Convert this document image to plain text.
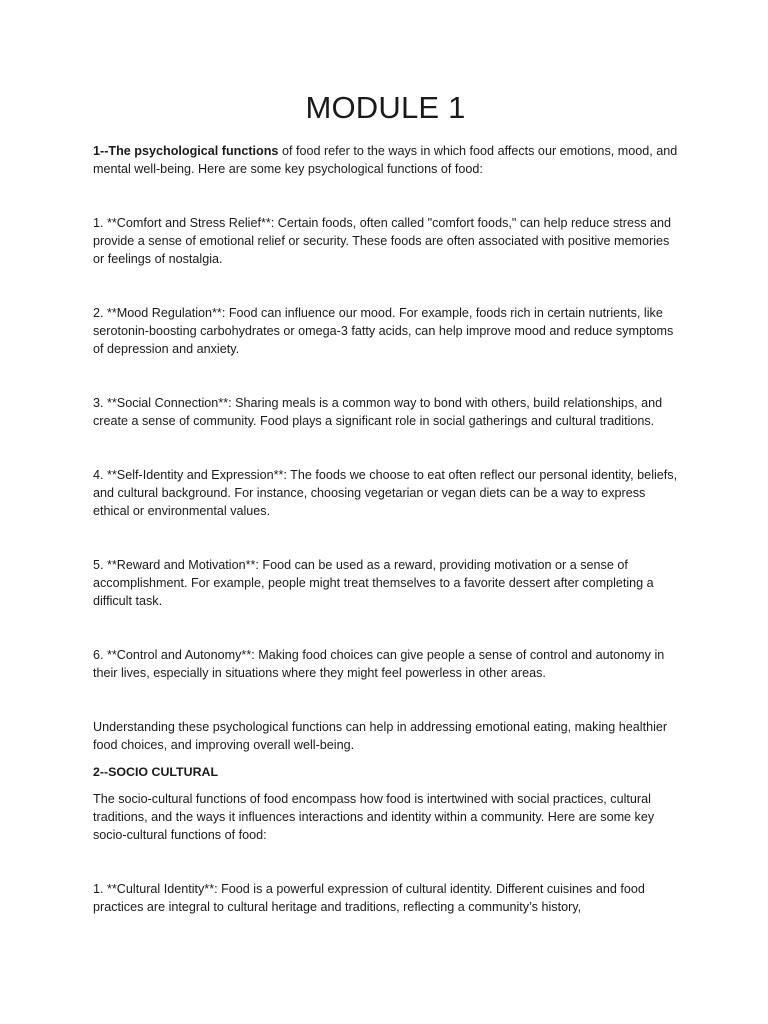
MODULE 1

1--The psychological functions of food refer to the ways in which food affects our emotions, mood, and mental well-being. Here are some key psychological functions of food:

1. **Comfort and Stress Relief**: Certain foods, often called "comfort foods," can help reduce stress and provide a sense of emotional relief or security. These foods are often associated with positive memories or feelings of nostalgia.

2. **Mood Regulation**: Food can influence our mood. For example, foods rich in certain nutrients, like serotonin-boosting carbohydrates or omega-3 fatty acids, can help improve mood and reduce symptoms of depression and anxiety.

3. **Social Connection**: Sharing meals is a common way to bond with others, build relationships, and create a sense of community. Food plays a significant role in social gatherings and cultural traditions.

4. **Self-Identity and Expression**: The foods we choose to eat often reflect our personal identity, beliefs, and cultural background. For instance, choosing vegetarian or vegan diets can be a way to express ethical or environmental values.

5. **Reward and Motivation**: Food can be used as a reward, providing motivation or a sense of accomplishment. For example, people might treat themselves to a favorite dessert after completing a difficult task.

6. **Control and Autonomy**: Making food choices can give people a sense of control and autonomy in their lives, especially in situations where they might feel powerless in other areas.

Understanding these psychological functions can help in addressing emotional eating, making healthier food choices, and improving overall well-being.

2--SOCIO CULTURAL

The socio-cultural functions of food encompass how food is intertwined with social practices, cultural traditions, and the ways it influences interactions and identity within a community. Here are some key socio-cultural functions of food:

1. **Cultural Identity**: Food is a powerful expression of cultural identity. Different cuisines and food practices are integral to cultural heritage and traditions, reflecting a community’s history,
